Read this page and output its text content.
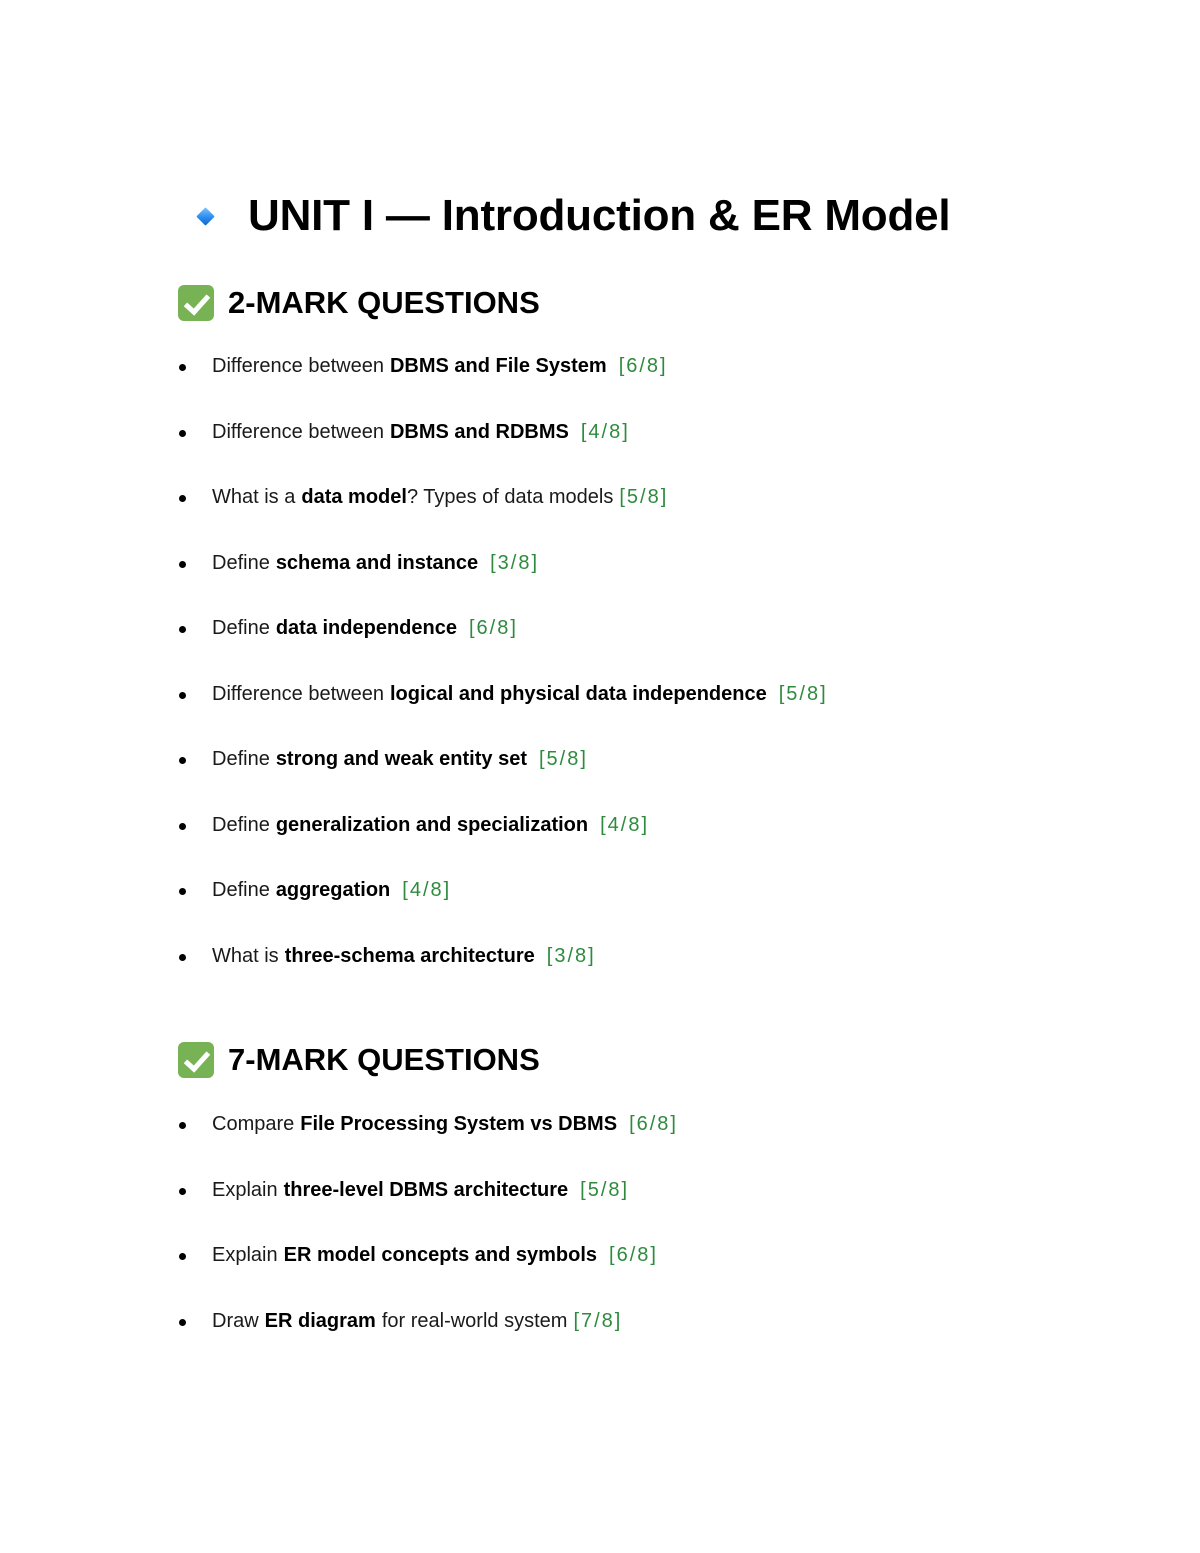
UNIT I — Introduction & ER Model
2-MARK QUESTIONS
Difference between DBMS and File System [6/8]
Difference between DBMS and RDBMS [4/8]
What is a data model ? Types of data models [5/8]
Define schema and instance [3/8]
Define data independence [6/8]
Difference between logical and physical data independence [5/8]
Define strong and weak entity set [5/8]
Define generalization and specialization [4/8]
Define aggregation [4/8]
What is three-schema architecture [3/8]
7-MARK QUESTIONS
Compare File Processing System vs DBMS [6/8]
Explain three-level DBMS architecture [5/8]
Explain ER model concepts and symbols [6/8]
Draw ER diagram for real-world system [7/8]
